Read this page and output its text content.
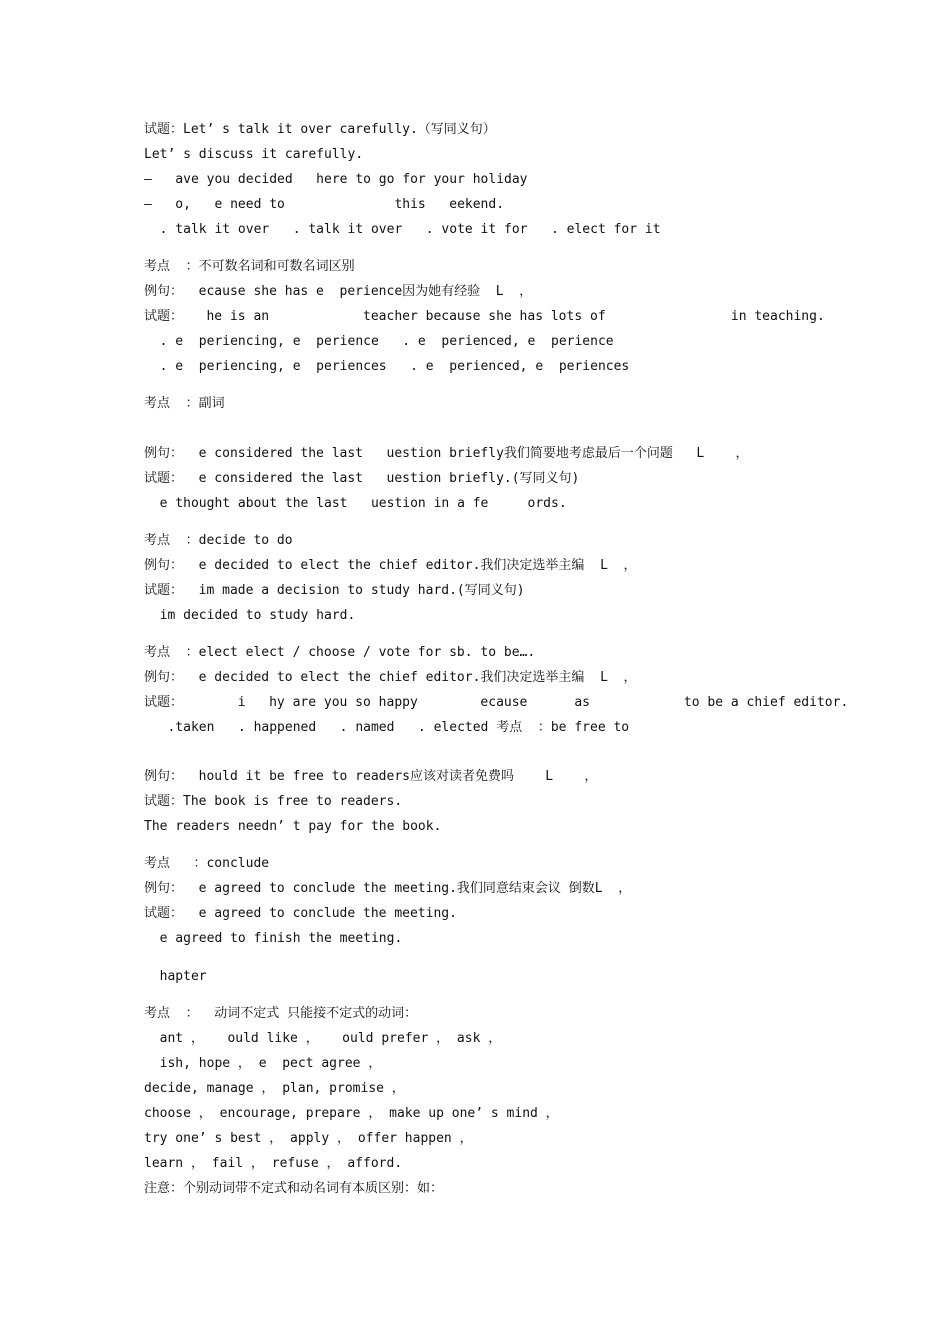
试题：Let’ s talk it over carefully.（写同义句）
Let’ s discuss it carefully.
–   ave you decided   here to go for your holiday
–   o,   e need to              this   eekend.
. talk it over   . talk it over   . vote it for   . elect for it
考点  ：不可数名词和可数名词区别
例句：  ecause she has e  perience因为她有经验  L  ，
试题：   he is an            teacher because she has lots of                in teaching.
. e  periencing, e  perience   . e  perienced, e  perience
. e  periencing, e  periences   . e  perienced, e  periences
考点  ：副词
例句：  e considered the last   uestion briefly我们简要地考虑最后一个问题   L    ，
试题：  e considered the last   uestion briefly.(写同义句)
e thought about the last   uestion in a fe     ords.
考点  ：decide to do
例句：  e decided to elect the chief editor.我们决定选举主编  L  ，
试题：  im made a decision to study hard.(写同义句)
im decided to study hard.
考点  ：elect elect / choose / vote for sb. to be….
例句：  e decided to elect the chief editor.我们决定选举主编  L  ，
试题：       i   hy are you so happy        ecause      as            to be a chief editor.
.taken   . happened   . named   . elected 考点  ：be free to
例句：  hould it be free to readers应该对读者免费吗    L    ，
试题：The book is free to readers.
The readers needn’ t pay for the book.
考点   ：conclude
例句：  e agreed to conclude the meeting.我们同意结束会议 倒数L  ，
试题：  e agreed to conclude the meeting.
e agreed to finish the meeting.
hapter
考点  ：  动词不定式 只能接不定式的动词：
ant ，   ould like ，   ould prefer ， ask ，
ish, hope ， e  pect agree ，
decide, manage ， plan, promise ，
choose ， encourage, prepare ， make up one’ s mind ，
try one’ s best ， apply ， offer happen ，
learn ， fail ， refuse ， afford.
注意：个别动词带不定式和动名词有本质区别：如：
